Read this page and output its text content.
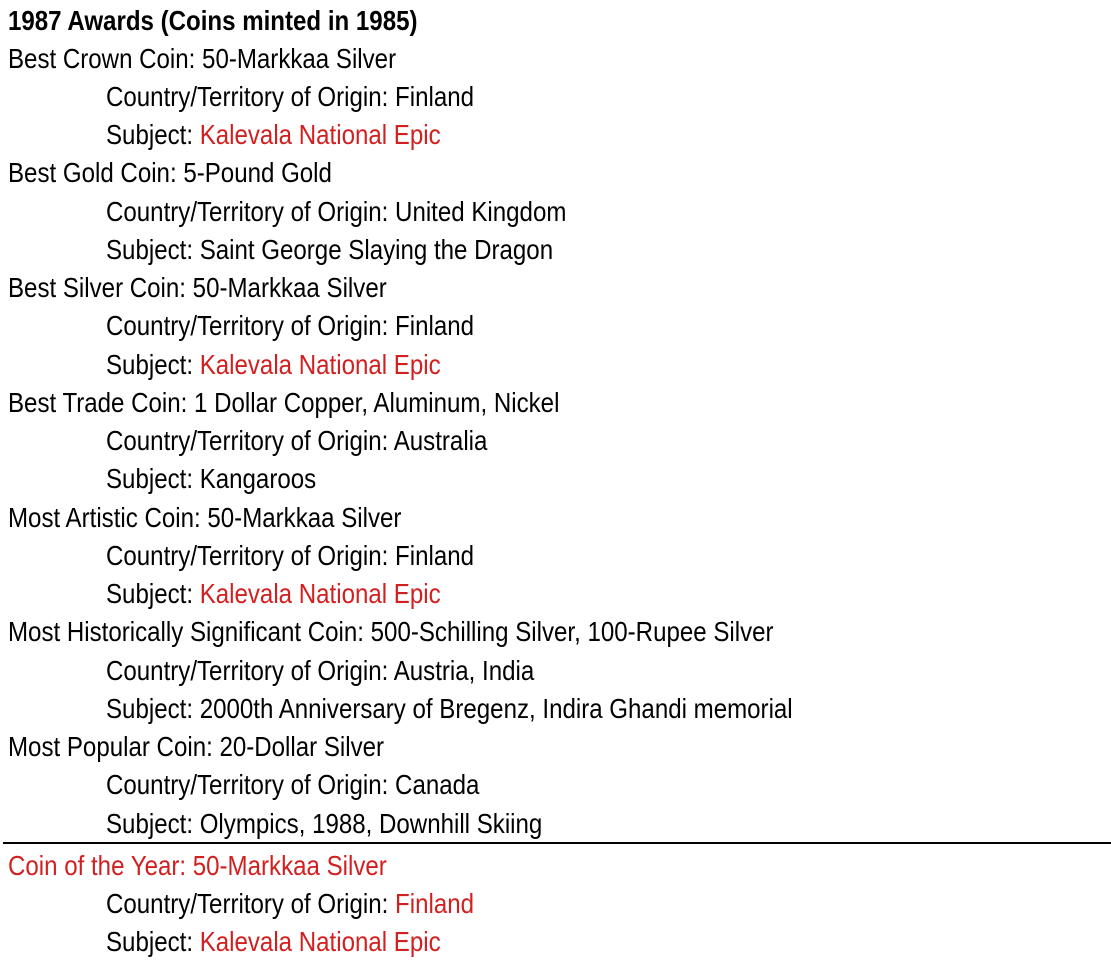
1987 Awards (Coins minted in 1985)
Best Crown Coin: 50-Markkaa Silver
Country/Territory of Origin: Finland
Subject: Kalevala National Epic
Best Gold Coin: 5-Pound Gold
Country/Territory of Origin: United Kingdom
Subject: Saint George Slaying the Dragon
Best Silver Coin: 50-Markkaa Silver
Country/Territory of Origin: Finland
Subject: Kalevala National Epic
Best Trade Coin: 1 Dollar Copper, Aluminum, Nickel
Country/Territory of Origin: Australia
Subject: Kangaroos
Most Artistic Coin: 50-Markkaa Silver
Country/Territory of Origin: Finland
Subject: Kalevala National Epic
Most Historically Significant Coin: 500-Schilling Silver, 100-Rupee Silver
Country/Territory of Origin: Austria, India
Subject: 2000th Anniversary of Bregenz, Indira Ghandi memorial
Most Popular Coin: 20-Dollar Silver
Country/Territory of Origin: Canada
Subject: Olympics, 1988, Downhill Skiing
Coin of the Year: 50-Markkaa Silver
Country/Territory of Origin: Finland
Subject: Kalevala National Epic
